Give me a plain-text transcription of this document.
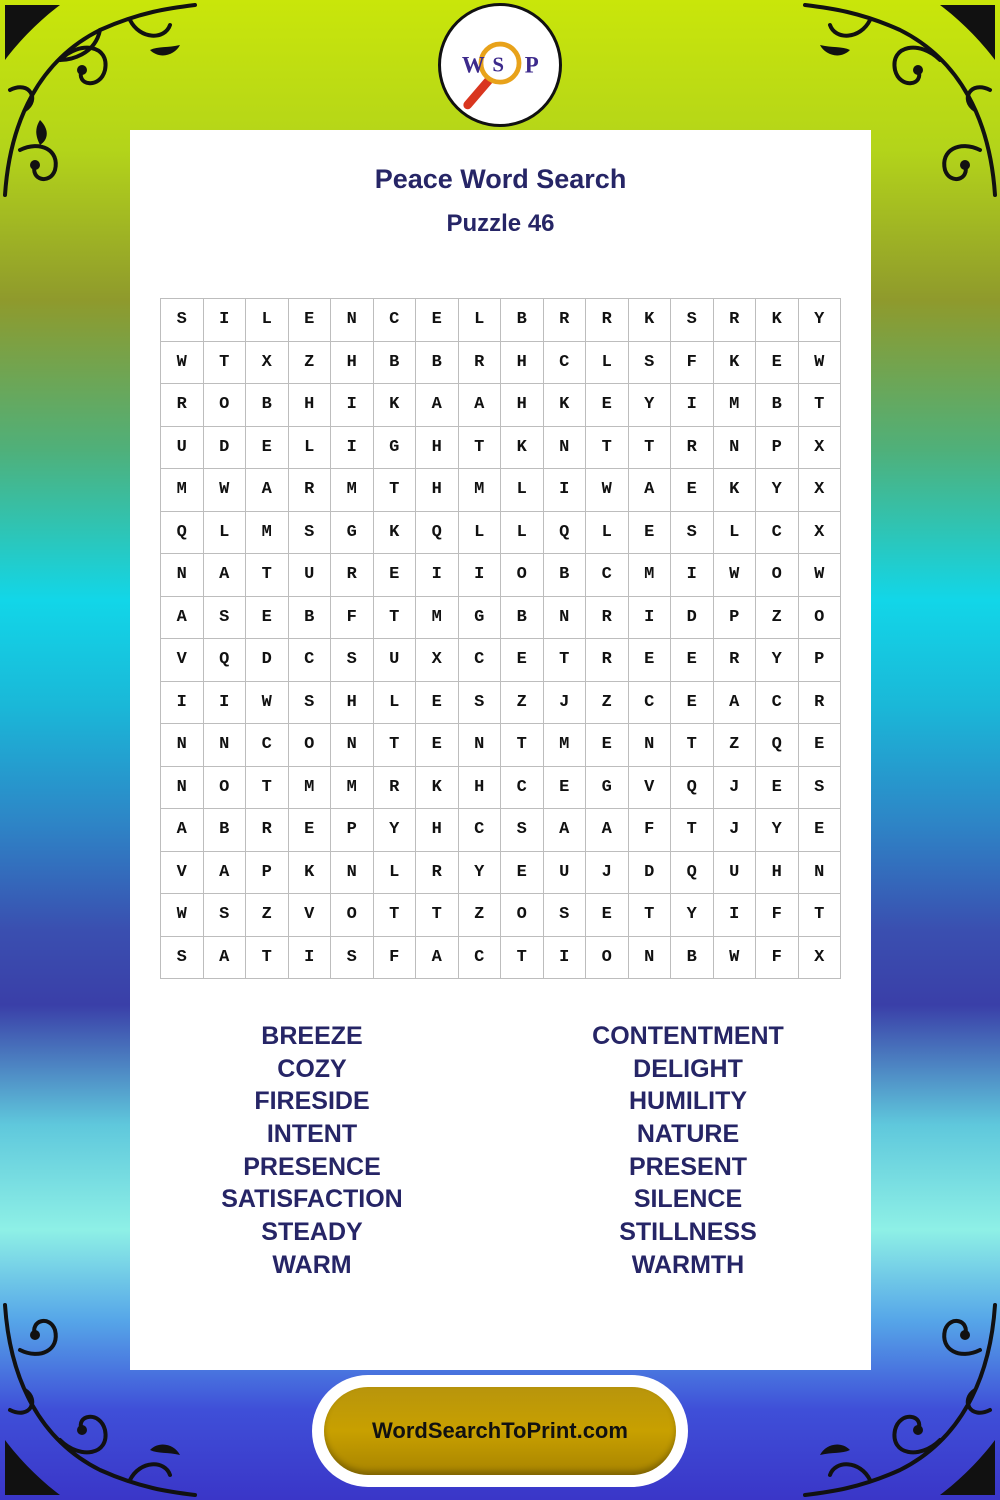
W S P
Peace Word Search
Puzzle 46
S	I	L	E	N	C	E	L	B	R	R	K	S	R	K	Y
W	T	X	Z	H	B	B	R	H	C	L	S	F	K	E	W
R	O	B	H	I	K	A	A	H	K	E	Y	I	M	B	T
U	D	E	L	I	G	H	T	K	N	T	T	R	N	P	X
M	W	A	R	M	T	H	M	L	I	W	A	E	K	Y	X
Q	L	M	S	G	K	Q	L	L	Q	L	E	S	L	C	X
N	A	T	U	R	E	I	I	O	B	C	M	I	W	O	W
A	S	E	B	F	T	M	G	B	N	R	I	D	P	Z	O
V	Q	D	C	S	U	X	C	E	T	R	E	E	R	Y	P
I	I	W	S	H	L	E	S	Z	J	Z	C	E	A	C	R
N	N	C	O	N	T	E	N	T	M	E	N	T	Z	Q	E
N	O	T	M	M	R	K	H	C	E	G	V	Q	J	E	S
A	B	R	E	P	Y	H	C	S	A	A	F	T	J	Y	E
V	A	P	K	N	L	R	Y	E	U	J	D	Q	U	H	N
W	S	Z	V	O	T	T	Z	O	S	E	T	Y	I	F	T
S	A	T	I	S	F	A	C	T	I	O	N	B	W	F	X
BREEZE
COZY
FIRESIDE
INTENT
PRESENCE
SATISFACTION
STEADY
WARM
CONTENTMENT
DELIGHT
HUMILITY
NATURE
PRESENT
SILENCE
STILLNESS
WARMTH
WordSearchToPrint.com
